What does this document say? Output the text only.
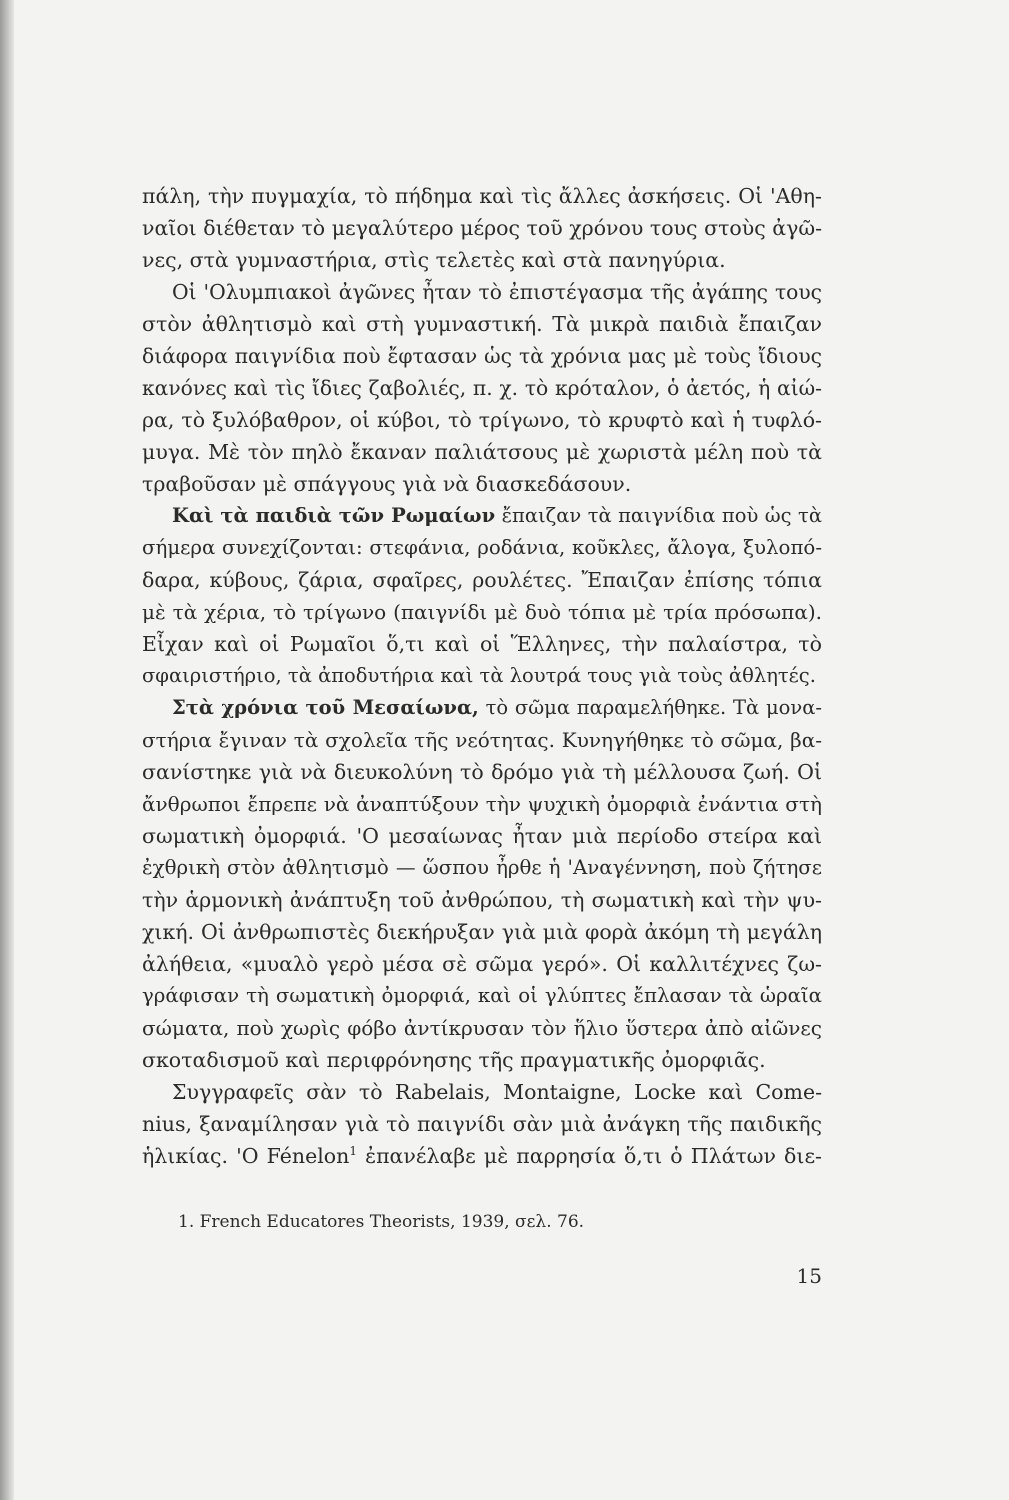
πάλη, τὴν πυγμαχία, τὸ πήδημα καὶ τὶς ἄλλες ἀσκήσεις. Οἱ 'Αθη-
ναῖοι διέθεταν τὸ μεγαλύτερο μέρος τοῦ χρόνου τους στοὺς ἀγῶ-
νες, στὰ γυμναστήρια, στὶς τελετὲς καὶ στὰ πανηγύρια.
Οἱ 'Ολυμπιακοὶ ἀγῶνες ἦταν τὸ ἐπιστέγασμα τῆς ἀγάπης τους
στὸν ἀθλητισμὸ καὶ στὴ γυμναστική. Τὰ μικρὰ παιδιὰ ἔπαιζαν
διάφορα παιγνίδια ποὺ ἔφτασαν ὡς τὰ χρόνια μας μὲ τοὺς ἴδιους
κανόνες καὶ τὶς ἴδιες ζαβολιές, π. χ. τὸ κρόταλον, ὁ ἀετός, ἡ αἰώ-
ρα, τὸ ξυλόβαθρον, οἱ κύβοι, τὸ τρίγωνο, τὸ κρυφτὸ καὶ ἡ τυφλό-
μυγα. Μὲ τὸν πηλὸ ἔκαναν παλιάτσους μὲ χωριστὰ μέλη ποὺ τὰ
τραβοῦσαν μὲ σπάγγους γιὰ νὰ διασκεδάσουν.
Καὶ τὰ παιδιὰ τῶν Ρωμαίων ἔπαιζαν τὰ παιγνίδια ποὺ ὡς τὰ
σήμερα συνεχίζονται: στεφάνια, ροδάνια, κοῦκλες, ἄλογα, ξυλοπό-
δαρα, κύβους, ζάρια, σφαῖρες, ρουλέτες. Ἔπαιζαν ἐπίσης τόπια
μὲ τὰ χέρια, τὸ τρίγωνο (παιγνίδι μὲ δυὸ τόπια μὲ τρία πρόσωπα).
Εἶχαν καὶ οἱ Ρωμαῖοι ὅ,τι καὶ οἱ Ἕλληνες, τὴν παλαίστρα, τὸ
σφαιριστήριο, τὰ ἀποδυτήρια καὶ τὰ λουτρά τους γιὰ τοὺς ἀθλητές.
Στὰ χρόνια τοῦ Μεσαίωνα, τὸ σῶμα παραμελήθηκε. Τὰ μονα-
στήρια ἔγιναν τὰ σχολεῖα τῆς νεότητας. Κυνηγήθηκε τὸ σῶμα, βα-
σανίστηκε γιὰ νὰ διευκολύνη τὸ δρόμο γιὰ τὴ μέλλουσα ζωή. Οἱ
ἄνθρωποι ἔπρεπε νὰ ἀναπτύξουν τὴν ψυχικὴ ὀμορφιὰ ἐνάντια στὴ
σωματικὴ ὀμορφιά. 'Ο μεσαίωνας ἦταν μιὰ περίοδο στείρα καὶ
ἐχθρικὴ στὸν ἀθλητισμὸ — ὥσπου ἦρθε ἡ 'Αναγέννηση, ποὺ ζήτησε
τὴν ἁρμονικὴ ἀνάπτυξη τοῦ ἀνθρώπου, τὴ σωματικὴ καὶ τὴν ψυ-
χική. Οἱ ἀνθρωπιστὲς διεκήρυξαν γιὰ μιὰ φορὰ ἀκόμη τὴ μεγάλη
ἀλήθεια, «μυαλὸ γερὸ μέσα σὲ σῶμα γερό». Οἱ καλλιτέχνες ζω-
γράφισαν τὴ σωματικὴ ὀμορφιά, καὶ οἱ γλύπτες ἔπλασαν τὰ ὡραῖα
σώματα, ποὺ χωρὶς φόβο ἀντίκρυσαν τὸν ἥλιο ὕστερα ἀπὸ αἰῶνες
σκοταδισμοῦ καὶ περιφρόνησης τῆς πραγματικῆς ὀμορφιᾶς.
Συγγραφεῖς σὰν τὸ Rabelais, Montaigne, Locke καὶ Come-
nius, ξαναμίλησαν γιὰ τὸ παιγνίδι σὰν μιὰ ἀνάγκη τῆς παιδικῆς
ἡλικίας. 'Ο Fénelon$^1$ ἐπανέλαβε μὲ παρρησία ὅ,τι ὁ Πλάτων διε-
1. French Educatores Theorists, 1939, σελ. 76.
15
